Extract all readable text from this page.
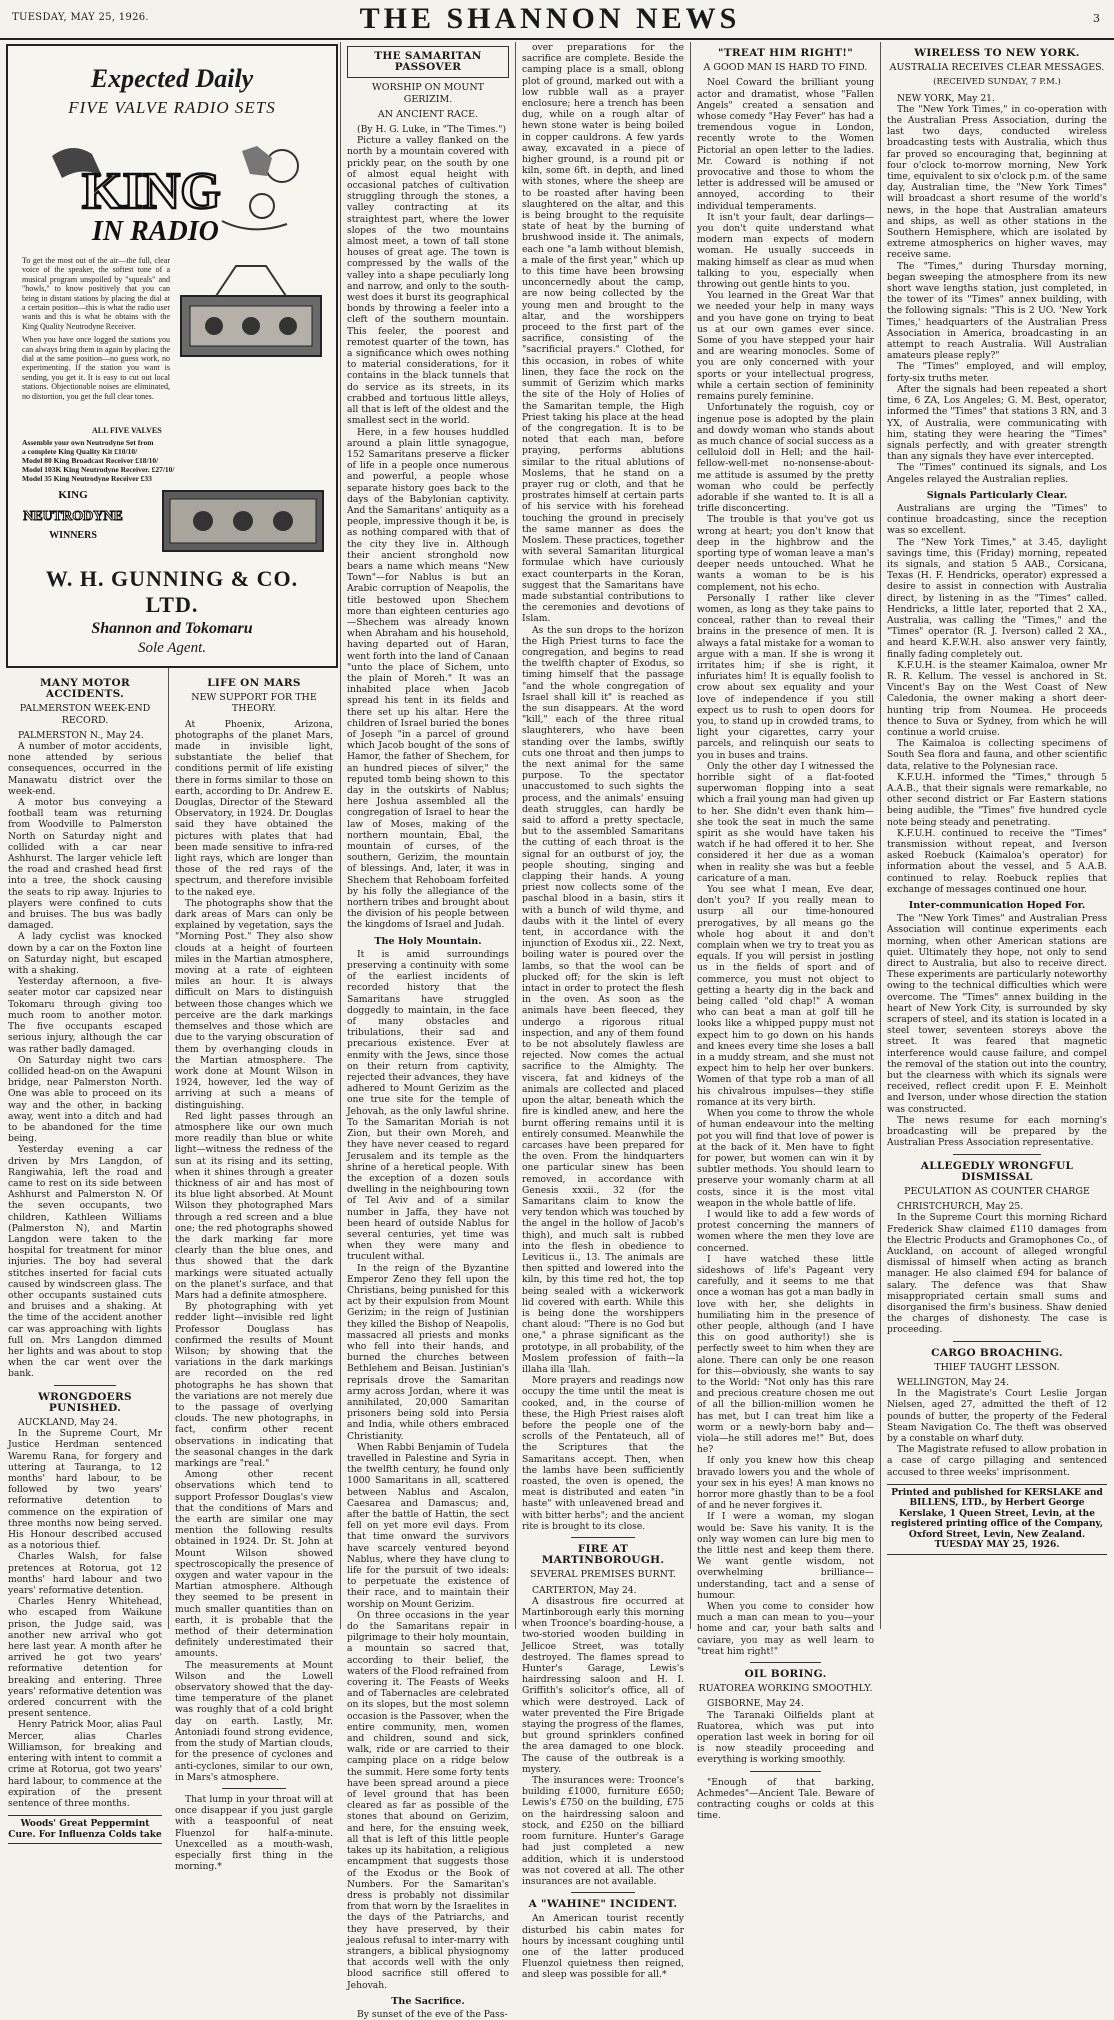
TUESDAY, MAY 25, 1926.	THE SHANNON NEWS	3
Expected Daily
FIVE VALVE RADIO SETS
KING
IN RADIO

To get the most out of the air—the full, clear voice of the speaker, the softest tone of a musical program unspoiled by "squeals" and "howls," to know positively that you can bring in distant stations by placing the dial at a certain position—this is what the radio user wants and this is what he obtains with the King Quality Neutrodyne Receiver.

When you have once logged the stations you can always bring them in again by placing the dial at the same position—no guess work, no experimenting. If the station you want is sending, you get it. It is easy to cut out local stations. Objectionable noises are eliminated, no distortion, you get the full clear tones.

ALL FIVE VALVES
Assemble your own Neutrodyne Set from
a complete King Quality Kit £10/10/
Model 80 King Broadcast Receiver £18/10/
Model 103K King Neutrodyne Receiver. £27/10/
Model 35 King Neutrodyne Receiver £33
KING
NEUTRODYNE
WINNERS
W. H. GUNNING & CO. LTD.
Shannon and Tokomaru
Sole Agent.
MANY MOTOR ACCIDENTS.
PALMERSTON WEEK-END RECORD.

PALMERSTON N., May 24.

A number of motor accidents, none attended by serious consequences, occurred in the Manawatu district over the week-end.

A motor bus conveying a football team was returning from Woodville to Palmerston North on Saturday night and collided with a car near Ashhurst. The larger vehicle left the road and crashed head first into a tree, the shock causing the seats to rip away. Injuries to players were confined to cuts and bruises. The bus was badly damaged.

A lady cyclist was knocked down by a car on the Foxton line on Saturday night, but escaped with a shaking.

Yesterday afternoon, a five-seater motor car capsized near Tokomaru through giving too much room to another motor. The five occupants escaped serious injury, although the car was rather badly damaged.

On Saturday night two cars collided head-on on the Awapuni bridge, near Palmerston North. One was able to proceed on its way and the other, in backing away, went into a ditch and had to be abandoned for the time being.

Yesterday evening a car driven by Mrs Langdon, of Rangiwahia, left the road and came to rest on its side between Ashhurst and Palmerston N. Of the seven occupants, two children, Kathleen Williams (Palmerston N), and Martin Langdon were taken to the hospital for treatment for minor injuries. The boy had several stitches inserted for facial cuts caused by windscreen glass. The other occupants sustained cuts and bruises and a shaking. At the time of the accident another car was approaching with lights full on. Mrs Langdon dimmed her lights and was about to stop when the car went over the bank.

WRONGDOERS PUNISHED.

AUCKLAND, May 24.

In the Supreme Court, Mr Justice Herdman sentenced Waremu Rana, for forgery and uttering at Tauranga, to 12 months' hard labour, to be followed by two years' reformative detention to commence on the expiration of three months now being served. His Honour described accused as a notorious thief.

Charles Walsh, for false pretences at Rotorua, got 12 months' hard labour and two years' reformative detention.

Charles Henry Whitehead, who escaped from Waikune prison, the Judge said, was another new arrival who got here last year. A month after he arrived he got two years' reformative detention for breaking and entering. Three years' reformative detention was ordered concurrent with the present sentence.

Henry Patrick Moor, alias Paul Mercer, alias Charles Williamson, for breaking and entering with intent to commit a crime at Rotorua, got two years' hard labour, to commence at the expiration of the present sentence of three months.

Woods' Great Peppermint Cure. For Influenza Colds take
LIFE ON MARS
NEW SUPPORT FOR THE THEORY.

At Phoenix, Arizona, photographs of the planet Mars, made in invisible light, substantiate the belief that conditions permit of life existing there in forms similar to those on earth, according to Dr. Andrew E. Douglas, Director of the Steward Observatory, in 1924. Dr. Douglas said they have obtained the pictures with plates that had been made sensitive to infra-red light rays, which are longer than those of the red rays of the spectrum, and therefore invisible to the naked eye.

The photographs show that the dark areas of Mars can only be explained by vegetation, says the "Morning Post." They also show clouds at a height of fourteen miles in the Martian atmosphere, moving at a rate of eighteen miles an hour. It is always difficult on Mars to distinguish between those changes which we perceive are the dark markings themselves and those which are due to the varying obscuration of them by overhanging clouds in the Martian atmosphere. The work done at Mount Wilson in 1924, however, led the way of arriving at such a means of distinguishing.

Red light passes through an atmosphere like our own much more readily than blue or white light—witness the redness of the sun at its rising and its setting, when it shines through a greater thickness of air and has most of its blue light absorbed. At Mount Wilson they photographed Mars through a red screen and a blue one; the red photographs showed the dark marking far more clearly than the blue ones, and thus showed that the dark markings were situated actually on the planet's surface, and that Mars had a definite atmosphere.

By photographing with yet redder light—invisible red light Professor Douglass has confirmed the results of Mount Wilson; by showing that the variations in the dark markings are recorded on the red photographs he has shown that the variations are not merely due to the passage of overlying clouds. The new photographs, in fact, confirm other recent observations in indicating that the seasonal changes in the dark markings are "real."

Among other recent observations which tend to support Professor Douglas's view that the conditions of Mars and the earth are similar one may mention the following results obtained in 1924. Dr. St. John at Mount Wilson showed spectroscopically the presence of oxygen and water vapour in the Martian atmosphere. Although they seemed to be present in much smaller quantities than on earth, it is probable that the method of their determination definitely underestimated their amounts.

The measurements at Mount Wilson and the Lowell observatory showed that the day-time temperature of the planet was roughly that of a cold bright day on earth. Lastly, Mr. Antoniadi found strong evidence, from the study of Martian clouds, for the presence of cyclones and anti-cyclones, similar to our own, in Mars's atmosphere.

That lump in your throat will at once disappear if you just gargle with a teaspoonful of neat Fluenzol for half-a-minute. Unexcelled as a mouth-wash, especially first thing in the morning.*

THE SAMARITAN PASSOVER
WORSHIP ON MOUNT GERIZIM.
AN ANCIENT RACE.

(By H. G. Luke, in "The Times.")

Picture a valley flanked on the north by a mountain covered with prickly pear, on the south by one of almost equal height with occasional patches of cultivation struggling through the stones, a valley contracting at its straightest part, where the lower slopes of the two mountains almost meet, a town of tall stone houses of great age. The town is compressed by the walls of the valley into a shape peculiarly long and narrow, and only to the south-west does it burst its geographical bonds by throwing a feeler into a cleft of the southern mountain. This feeler, the poorest and remotest quarter of the town, has a significance which owes nothing to material considerations, for it contains in the black tunnels that do service as its streets, in its crabbed and tortuous little alleys, all that is left of the oldest and the smallest sect in the world.

Here, in a few houses huddled around a plain little synagogue, 152 Samaritans preserve a flicker of life in a people once numerous and powerful, a people whose separate history goes back to the days of the Babylonian captivity. And the Samaritans' antiquity as a people, impressive though it be, is as nothing compared with that of the city they live in. Although their ancient stronghold now bears a name which means "New Town"—for Nablus is but an Arabic corruption of Neapolis, the title bestowed upon Shechem more than eighteen centuries ago—Shechem was already known when Abraham and his household, having departed out of Haran, went forth into the land of Canaan "unto the place of Sichem, unto the plain of Moreh." It was an inhabited place when Jacob spread his tent in its fields and there set up his altar. Here the children of Israel buried the bones of Joseph "in a parcel of ground which Jacob bought of the sons of Hamor, the father of Shechem, for an hundred pieces of silver," the reputed tomb being shown to this day in the outskirts of Nablus; here Joshua assembled all the congregation of Israel to hear the law of Moses, making of the northern mountain, Ebal, the mountain of curses, of the southern, Gerizim, the mountain of blessings. And, later, it was in Shechem that Rehoboam forfeited by his folly the allegiance of the northern tribes and brought about the division of his people between the kingdoms of Israel and Judah.

The Holy Mountain.

It is amid surroundings preserving a continuity with some of the earliest incidents of recorded history that the Samaritans have struggled doggedly to maintain, in the face of many obstacles and tribulations, their sad and precarious existence. Ever at enmity with the Jews, since those on their return from captivity, rejected their advances, they have adhered to Mount Gerizim as the one true site for the temple of Jehovah, as the only lawful shrine. To the Samaritan Moriah is not Zion, but their own Moreh, and they have never ceased to regard Jerusalem and its temple as the shrine of a heretical people. With the exception of a dozen souls dwelling in the neighbouring town of Tel Aviv and of a similar number in Jaffa, they have not been heard of outside Nablus for several centuries, yet time was when they were many and truculent withal.

In the reign of the Byzantine Emperor Zeno they fell upon the Christians, being punished for this act by their expulsion from Mount Gerizim; in the reign of Justinian they killed the Bishop of Neapolis, massacred all priests and monks who fell into their hands, and burned the churches between Bethlehem and Beisan. Justinian's reprisals drove the Samaritan army across Jordan, where it was annihilated, 20,000 Samaritan prisoners being sold into Persia and India, while others embraced Christianity.

When Rabbi Benjamin of Tudela travelled in Palestine and Syria in the twelfth century, he found only 1000 Samaritans in all, scattered between Nablus and Ascalon, Caesarea and Damascus; and, after the battle of Hattin, the sect fell on yet more evil days. From that time onward the survivors have scarcely ventured beyond Nablus, where they have clung to life for the pursuit of two ideals: to perpetuate the existence of their race, and to maintain their worship on Mount Gerizim.

On three occasions in the year do the Samaritans repair in pilgrimage to their holy mountain, a mountain so sacred that, according to their belief, the waters of the Flood refrained from covering it. The Feasts of Weeks and of Tabernacles are celebrated on its slopes, but the most solemn occasion is the Passover, when the entire community, men, women and children, sound and sick, walk, ride or are carried to their camping place on a ridge below the summit. Here some forty tents have been spread around a piece of level ground that has been cleared as far as possible of the stones that abound on Gerizim, and here, for the ensuing week, all that is left of this little people takes up its habitation, a religious encampment that suggests those of the Exodus or the Book of Numbers. For the Samaritan's dress is probably not dissimilar from that worn by the Israelites in the days of the Patriarchs, and they have preserved, by their jealous refusal to inter-marry with strangers, a biblical physiognomy that accords well with the only blood sacrifice still offered to Jehovah.

The Sacrifice.

By sunset of the eve of the Pass-

over preparations for the sacrifice are complete. Beside the camping place is a small, oblong plot of ground, marked out with a low rubble wall as a prayer enclosure; here a trench has been dug, while on a rough altar of hewn stone water is being boiled in copper cauldrons. A few yards away, excavated in a piece of higher ground, is a round pit or kiln, some 6ft. in depth, and lined with stones, where the sheep are to be roasted after having been slaughtered on the altar, and this is being brought to the requisite state of heat by the burning of brushwood inside it. The animals, each one "a lamb without blemish, a male of the first year," which up to this time have been browsing unconcernedly about the camp, are now being collected by the young men and brought to the altar, and the worshippers proceed to the first part of the sacrifice, consisting of the "sacrificial prayers." Clothed, for this occasion, in robes of white linen, they face the rock on the summit of Gerizim which marks the site of the Holy of Holies of the Samaritan temple, the High Priest taking his place at the head of the congregation. It is to be noted that each man, before praying, performs ablutions similar to the ritual ablutions of Moslems, that he stand on a prayer rug or cloth, and that he prostrates himself at certain parts of his service with his forehead touching the ground in precisely the same manner as does the Moslem. These practices, together with several Samaritan liturgical formulae which have curiously exact counterparts in the Koran, suggest that the Samaritans have made substantial contributions to the ceremonies and devotions of Islam.

As the sun drops to the horizon the High Priest turns to face the congregation, and begins to read the twelfth chapter of Exodus, so timing himself that the passage "and the whole congregation of Israel shall kill it" is reached as the sun disappears. At the word "kill," each of the three ritual slaughterers, who have been standing over the lambs, swiftly cuts one throat and then jumps to the next animal for the same purpose. To the spectator unaccustomed to such sights the process, and the animals' ensuing death struggles, can hardly be said to afford a pretty spectacle, but to the assembled Samaritans the cutting of each throat is the signal for an outburst of joy, the people shouting, singing and clapping their hands. A young priest now collects some of the paschal blood in a basin, stirs it with a bunch of wild thyme, and daubs with it the lintel of every tent, in accordance with the injunction of Exodus xii., 22. Next, boiling water is poured over the lambs, so that the wool can be plucked off; for the skin is left intact in order to protect the flesh in the oven. As soon as the animals have been fleeced, they undergo a rigorous ritual inspection, and any of them found to be not absolutely flawless are rejected. Now comes the actual sacrifice to the Almighty. The viscera, fat and kidneys of the animals are collected and placed upon the altar, beneath which the fire is kindled anew, and here the burnt offering remains until it is entirely consumed. Meanwhile the carcases have been prepared for the oven. From the hindquarters one particular sinew has been removed, in accordance with Genesis xxxii., 32 (for the Samaritans claim to know the very tendon which was touched by the angel in the hollow of Jacob's thigh), and much salt is rubbed into the flesh in obedience to Leviticus ii., 13. The animals are then spitted and lowered into the kiln, by this time red hot, the top being sealed with a wickerwork lid covered with earth. While this is being done the worshippers chant aloud: "There is no God but one," a phrase significant as the prototype, in all probability, of the Moslem profession of faith—la illaha illa 'llah.

More prayers and readings now occupy the time until the meat is cooked, and, in the course of these, the High Priest raises aloft before the people one of the scrolls of the Pentateuch, all of the Scriptures that the Samaritans accept. Then, when the lambs have been sufficiently roasted, the oven is opened, the meat is distributed and eaten "in haste" with unleavened bread and with bitter herbs"; and the ancient rite is brought to its close.

FIRE AT MARTINBOROUGH.
SEVERAL PREMISES BURNT.

CARTERTON, May 24.

A disastrous fire occurred at Martinborough early this morning when Troonce's boarding-house, a two-storied wooden building in Jellicoe Street, was totally destroyed. The flames spread to Hunter's Garage, Lewis's hairdressing saloon and H. I. Griffith's solicitor's office, all of which were destroyed. Lack of water prevented the Fire Brigade staying the progress of the flames, but ground sprinklers confined the area damaged to one block. The cause of the outbreak is a mystery.

The insurances were: Troonce's building £1000, furniture £650; Lewis's £750 on the building, £75 on the hairdressing saloon and stock, and £250 on the billiard room furniture. Hunter's Garage had just completed a new addition, which it is understood was not covered at all. The other insurances are not available.

A "WAHINE" INCIDENT.

An American tourist recently disturbed his cabin mates for hours by incessant coughing until one of the latter produced Fluenzol quietness then reigned, and sleep was possible for all.*

"TREAT HIM RIGHT!"
A GOOD MAN IS HARD TO FIND.

Noel Coward the brilliant young actor and dramatist, whose "Fallen Angels" created a sensation and whose comedy "Hay Fever" has had a tremendous vogue in London, recently wrote to the Women Pictorial an open letter to the ladies. Mr. Coward is nothing if not provocative and those to whom the letter is addressed will be amused or annoyed, according to their individual temperaments.

It isn't your fault, dear darlings—you don't quite understand what modern man expects of modern woman. He usually succeeds in making himself as clear as mud when talking to you, especially when throwing out gentle hints to you.

You learned in the Great War that we needed your help in many ways and you have gone on trying to beat us at our own games ever since. Some of you have stepped your hair and are wearing monocles. Some of you are only concerned with your sports or your intellectual progress, while a certain section of femininity remains purely feminine.

Unfortunately the roguish, coy or ingenue pose is adopted by the plain and dowdy woman who stands about as much chance of social success as a celluloid doll in Hell; and the hail-fellow-well-met no-nonsense-about-me attitude is assumed by the pretty woman who could be perfectly adorable if she wanted to. It is all a trifle disconcerting.

The trouble is that you've got us wrong at heart; you don't know that deep in the highbrow and the sporting type of woman leave a man's deeper needs untouched. What he wants a woman to be is his complement, not his echo.

Personally I rather like clever women, as long as they take pains to conceal, rather than to reveal their brains in the presence of men. It is always a fatal mistake for a woman to argue with a man. If she is wrong it irritates him; if she is right, it infuriates him! It is equally foolish to crow about sex equality and your love of independence if you still expect us to rush to open doors for you, to stand up in crowded trams, to light your cigarettes, carry your parcels, and relinquish our seats to you in buses and trains.

Only the other day I witnessed the horrible sight of a flat-footed superwoman flopping into a seat which a frail young man had given up to her. She didn't even thank him—she took the seat in much the same spirit as she would have taken his watch if he had offered it to her. She considered it her due as a woman when in reality she was but a feeble caricature of a man.

You see what I mean, Eve dear, don't you? If you really mean to usurp all our time-honoured prerogatives, by all means go the whole hog about it and don't complain when we try to treat you as equals. If you will persist in jostling us in the fields of sport and of commerce, you must not object to getting a hearty dig in the back and being called "old chap!" A woman who can beat a man at golf till he looks like a whipped puppy must not expect him to go down on his hands and knees every time she loses a ball in a muddy stream, and she must not expect him to help her over bunkers. Women of that type rob a man of all his chivalrous impulses—they stifle romance at its very birth.

When you come to throw the whole of human endeavour into the melting pot you will find that love of power is at the back of it. Men have to fight for power, but women can win it by subtler methods. You should learn to preserve your womanly charm at all costs, since it is the most vital weapon in the whole battle of life.

I would like to add a few words of protest concerning the manners of women where the men they love are concerned.

I have watched these little sideshows of life's Pageant very carefully, and it seems to me that once a woman has got a man badly in love with her, she delights in humiliating him in the presence of other people, although (and I have this on good authority!) she is perfectly sweet to him when they are alone. There can only be one reason for this—obviously, she wants to say to the World: "Not only has this rare and precious creature chosen me out of all the billion-million women he has met, but I can treat him like a worm or a newly-born baby and—viola—he still adores me!" But, does he?

If only you knew how this cheap bravado lowers you and the whole of your sex in his eyes! A man knows no horror more ghastly than to be a fool of and he never forgives it.

If I were a woman, my slogan would be: Save his vanity. It is the only way women can lure big men to the little nest and keep them there. We want gentle wisdom, not overwhelming brilliance—understanding, tact and a sense of humour.

When you come to consider how much a man can mean to you—your home and car, your bath salts and caviare, you may as well learn to "treat him right!"

OIL BORING.
RUATOREA WORKING SMOOTHLY.

GISBORNE, May 24.

The Taranaki Oilfields plant at Ruatorea, which was put into operation last week in boring for oil is now steadily proceeding and everything is working smoothly.

"Enough of that barking, Achmedes"—Ancient Tale. Beware of contracting coughs or colds at this time.

WIRELESS TO NEW YORK.
AUSTRALIA RECEIVES CLEAR MESSAGES.
(RECEIVED SUNDAY, 7 P.M.)

NEW YORK, May 21.

The "New York Times," in co-operation with the Australian Press Association, during the last two days, conducted wireless broadcasting tests with Australia, which thus far proved so encouraging that, beginning at four o'clock to-morrow morning, New York time, equivalent to six o'clock p.m. of the same day, Australian time, the "New York Times" will broadcast a short resume of the world's news, in the hope that Australian amateurs and ships, as well as other stations in the Southern Hemisphere, which are isolated by extreme atmospherics on higher waves, may receive same.

The "Times," during Thursday morning, began sweeping the atmosphere from its new short wave lengths station, just completed, in the tower of its "Times" annex building, with the following signals: "This is 2 UO. 'New York Times,' headquarters of the Australian Press Association in America, broadcasting in an attempt to reach Australia. Will Australian amateurs please reply?"

The "Times" employed, and will employ, forty-six truths meter.

After the signals had been repeated a short time, 6 ZA, Los Angeles; G. M. Best, operator, informed the "Times" that stations 3 RN, and 3 YX, of Australia, were communicating with him, stating they were hearing the "Times" signals perfectly, and with greater strength than any signals they have ever intercepted.

The "Times" continued its signals, and Los Angeles relayed the Australian replies.

Signals Particularly Clear.

Australians are urging the "Times" to continue broadcasting, since the reception was so excellent.

The "New York Times," at 3.45, daylight savings time, this (Friday) morning, repeated its signals, and station 5 AAB., Corsicana, Texas (H. F. Hendricks, operator) expressed a desire to assist in connection with Australia direct, by listening in as the "Times" called. Hendricks, a little later, reported that 2 XA., Australia, was calling the "Times," and the "Times" operator (R. J. Iverson) called 2 XA., and heard K.F.W.H. also answer very faintly, finally fading completely out.

K.F.U.H. is the steamer Kaimaloa, owner Mr R. R. Kellum. The vessel is anchored in St. Vincent's Bay on the West Coast of New Caledonia, the owner making a short deer-hunting trip from Noumea. He proceeds thence to Suva or Sydney, from which he will continue a world cruise.

The Kaimaloa is collecting specimens of South Sea flora and fauna, and other scientific data, relative to the Polynesian race.

K.F.U.H. informed the "Times," through 5 A.A.B., that their signals were remarkable, no other second district or Far Eastern stations being audible, the "Times" five hundred cycle note being steady and penetrating.

K.F.U.H. continued to receive the "Times" transmission without repeat, and Iverson asked Roebuck (Kaimaloa's operator) for information about the vessel, and 5 A.A.B. continued to relay. Roebuck replies that exchange of messages continued one hour.

Inter-communication Hoped For.

The "New York Times" and Australian Press Association will continue experiments each morning, when other American stations are quiet. Ultimately they hope, not only to send direct to Australia, but also to receive direct. These experiments are particularly noteworthy owing to the technical difficulties which were overcome. The "Times" annex building in the heart of New York City, is surrounded by sky scrapers of steel, and its station is located in a steel tower, seventeen storeys above the street. It was feared that magnetic interference would cause failure, and compel the removal of the station out into the country, but the clearness with which its signals were received, reflect credit upon F. E. Meinholt and Iverson, under whose direction the station was constructed.

The news resume for each morning's broadcasting will be prepared by the Australian Press Association representative.

ALLEGEDLY WRONGFUL DISMISSAL
PECULATION AS COUNTER CHARGE

CHRISTCHURCH, May 25.

In the Supreme Court this morning Richard Frederick Shaw claimed £110 damages from the Electric Products and Gramophones Co., of Auckland, on account of alleged wrongful dismissal of himself when acting as branch manager. He also claimed £94 for balance of salary. The defence was that Shaw misappropriated certain small sums and disorganised the firm's business. Shaw denied the charges of dishonesty. The case is proceeding.

CARGO BROACHING.
THIEF TAUGHT LESSON.

WELLINGTON, May 24.

In the Magistrate's Court Leslie Jorgan Nielsen, aged 27, admitted the theft of 12 pounds of butter, the property of the Federal Steam Navigation Co. The theft was observed by a constable on wharf duty.

The Magistrate refused to allow probation in a case of cargo pillaging and sentenced accused to three weeks' imprisonment.

Printed and published for KERSLAKE and BILLENS, LTD., by Herbert George Kerslake, 1 Queen Street, Levin, at the registered printing office of the Company, Oxford Street, Levin, New Zealand. TUESDAY MAY 25, 1926.
